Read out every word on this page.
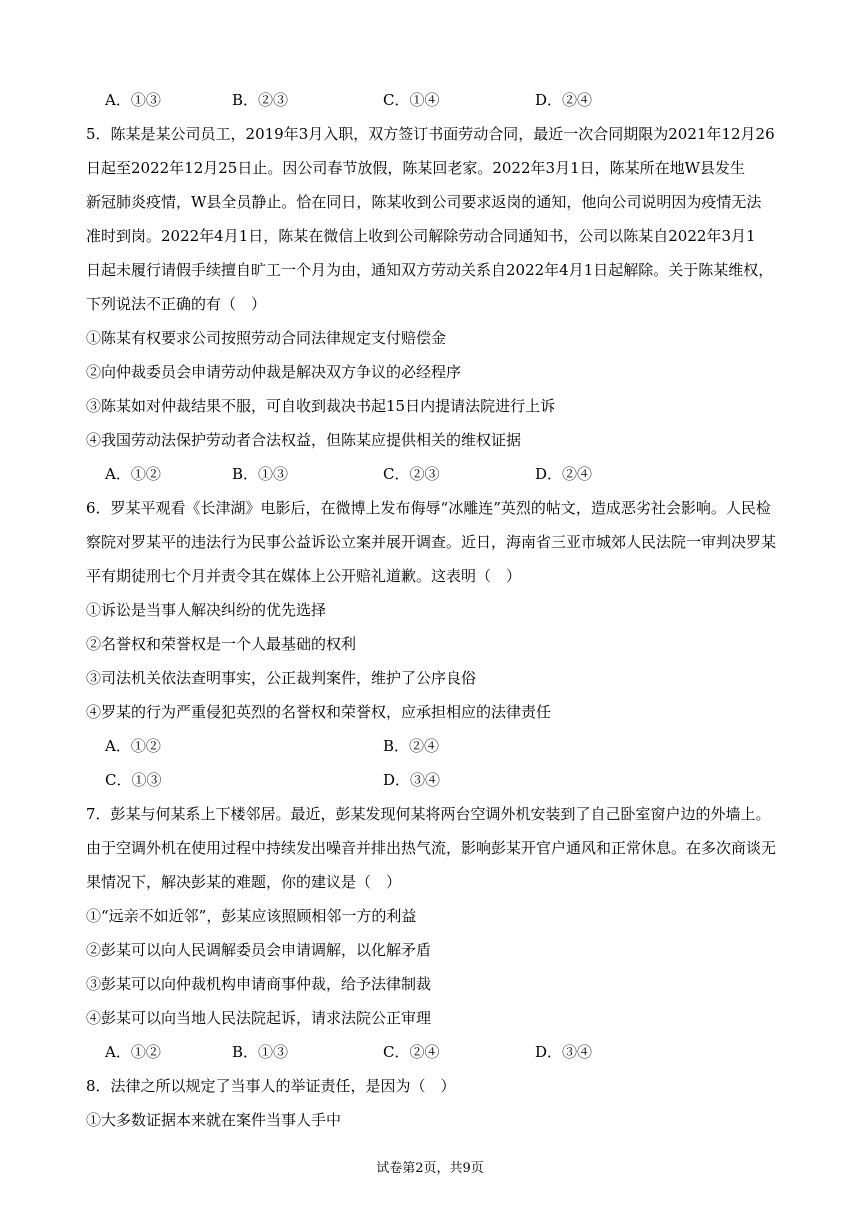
A．①③	B．②③	C．①④	D．②④
5．陈某是某公司员工，2019年3月入职，双方签订书面劳动合同，最近一次合同期限为2021年12月26
日起至2022年12月25日止。因公司春节放假，陈某回老家。2022年3月1日，陈某所在地W县发生
新冠肺炎疫情，W县全员静止。恰在同日，陈某收到公司要求返岗的通知，他向公司说明因为疫情无法
准时到岗。2022年4月1日，陈某在微信上收到公司解除劳动合同通知书，公司以陈某自2022年3月1
日起未履行请假手续擅自旷工一个月为由，通知双方劳动关系自2022年4月1日起解除。关于陈某维权，
下列说法不正确的有（　）
①陈某有权要求公司按照劳动合同法律规定支付赔偿金
②向仲裁委员会申请劳动仲裁是解决双方争议的必经程序
③陈某如对仲裁结果不服，可自收到裁决书起15日内提请法院进行上诉
④我国劳动法保护劳动者合法权益，但陈某应提供相关的维权证据
A．①②	B．①③	C．②③	D．②④
6．罗某平观看《长津湖》电影后，在微博上发布侮辱“冰雕连”英烈的帖文，造成恶劣社会影响。人民检
察院对罗某平的违法行为民事公益诉讼立案并展开调查。近日，海南省三亚市城郊人民法院一审判决罗某
平有期徒刑七个月并责令其在媒体上公开赔礼道歉。这表明（　）
①诉讼是当事人解决纠纷的优先选择
②名誉权和荣誉权是一个人最基础的权利
③司法机关依法查明事实，公正裁判案件，维护了公序良俗
④罗某的行为严重侵犯英烈的名誉权和荣誉权，应承担相应的法律责任
A．①②	B．②④
C．①③	D．③④
7．彭某与何某系上下楼邻居。最近，彭某发现何某将两台空调外机安装到了自己卧室窗户边的外墙上。
由于空调外机在使用过程中持续发出噪音并排出热气流，影响彭某开官户通风和正常休息。在多次商谈无
果情况下，解决彭某的难题，你的建议是（　）
①“远亲不如近邻”，彭某应该照顾相邻一方的利益
②彭某可以向人民调解委员会申请调解，以化解矛盾
③彭某可以向仲裁机构申请商事仲裁，给予法律制裁
④彭某可以向当地人民法院起诉，请求法院公正审理
A．①②	B．①③	C．②④	D．③④
8．法律之所以规定了当事人的举证责任，是因为（　）
①大多数证据本来就在案件当事人手中
试卷第2页，共9页
